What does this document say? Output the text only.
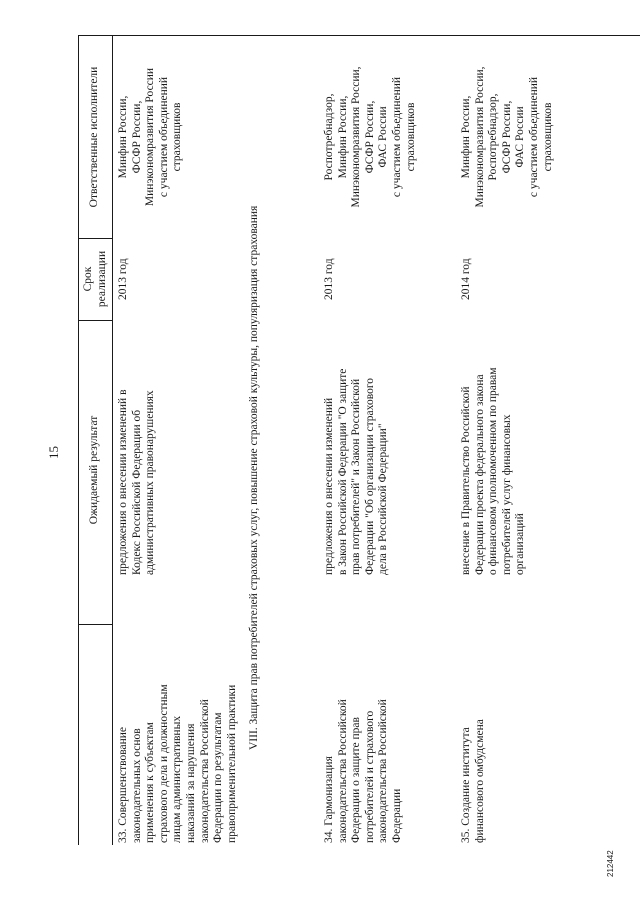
15 Ожидаемый результат
Срок
реализации
Ответственные исполнители
33. Совершенствование
законодательных основ
применения к субъектам
страхового дела и должностным
лицам административных
наказаний за нарушения
законодательства Российской
Федерации по результатам
правоприменительной практики
предложения о внесении изменений в
Кодекс Российской Федерации об
административных правонарушениях
2013 год
Минфин России,
ФСФР России,
Минэкономразвития России
с участием объединений
страховщиков
VIII. Защита прав потребителей страховых услуг, повышение страховой культуры, популяризация страхования
34. Гармонизация
законодательства Российской
Федерации о защите прав
потребителей и страхового
законодательства Российской
Федерации
предложения о внесении изменений
в Закон Российской Федерации "О защите
прав потребителей" и Закон Российской
Федерации "Об организации страхового
дела в Российской Федерации"
2013 год
Роспотребнадзор,
Минфин России,
Минэкономразвития России,
ФСФР России,
ФАС России
с участием объединений
страховщиков
35. Создание института
финансового омбудсмена
внесение в Правительство Российской
Федерации проекта федерального закона
о финансовом уполномоченном по правам
потребителей услуг финансовых
организаций
2014 год
Минфин России,
Минэкономразвития России,
Роспотребнадзор,
ФСФР России,
ФАС России
с участием объединений
страховщиков
212442
